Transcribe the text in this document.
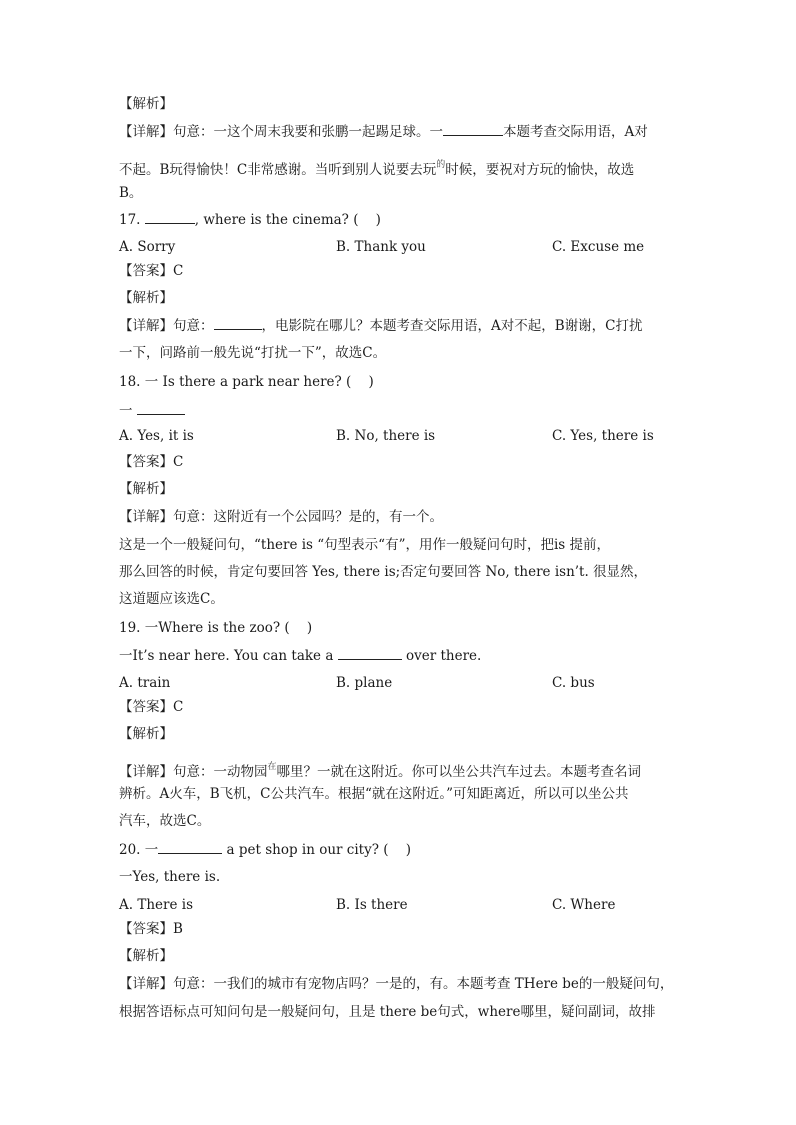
【解析】
【详解】句意：一这个周末我要和张鹏一起踢足球。一	本题考查交际用语，A对
不起。B玩得愉快！C非常感谢。当听到别人说要去玩$^的$时候，要祝对方玩的愉快，故选
B。
17.	, where is the cinema? (    )
A. Sorry	B. Thank you	C. Excuse me
【答案】C
【解析】
【详解】句意：	，电影院在哪儿？本题考查交际用语，A对不起，B谢谢，C打扰
一下，问路前一般先说“打扰一下”，故选C。
18. 一 Is there a park near here? (    )
一
A. Yes, it is	B. No, there is	C. Yes, there is
【答案】C
【解析】
【详解】句意：这附近有一个公园吗？是的，有一个。
这是一个一般疑问句，“there is “句型表示“有”，用作一般疑问句时，把is 提前，
那么回答的时候，肯定句要回答 Yes, there is;否定句要回答 No, there isn’t. 很显然，
这道题应该选C。
19. 一Where is the zoo? (    )
一It’s near here. You can take a	over there.
A. train	B. plane	C. bus
【答案】C
【解析】
【详解】句意：一动物园$^在$哪里？一就在这附近。你可以坐公共汽车过去。本题考查名词
辨析。A火车，B飞机，C公共汽车。根据“就在这附近。”可知距离近，所以可以坐公共
汽车，故选C。
20. 一	a pet shop in our city? (    )
一Yes, there is.
A. There is	B. Is there	C. Where
【答案】B
【解析】
【详解】句意：一我们的城市有宠物店吗？一是的，有。本题考查 THere be的一般疑问句，
根据答语标点可知问句是一般疑问句，且是 there be句式，where哪里，疑问副词，故排
